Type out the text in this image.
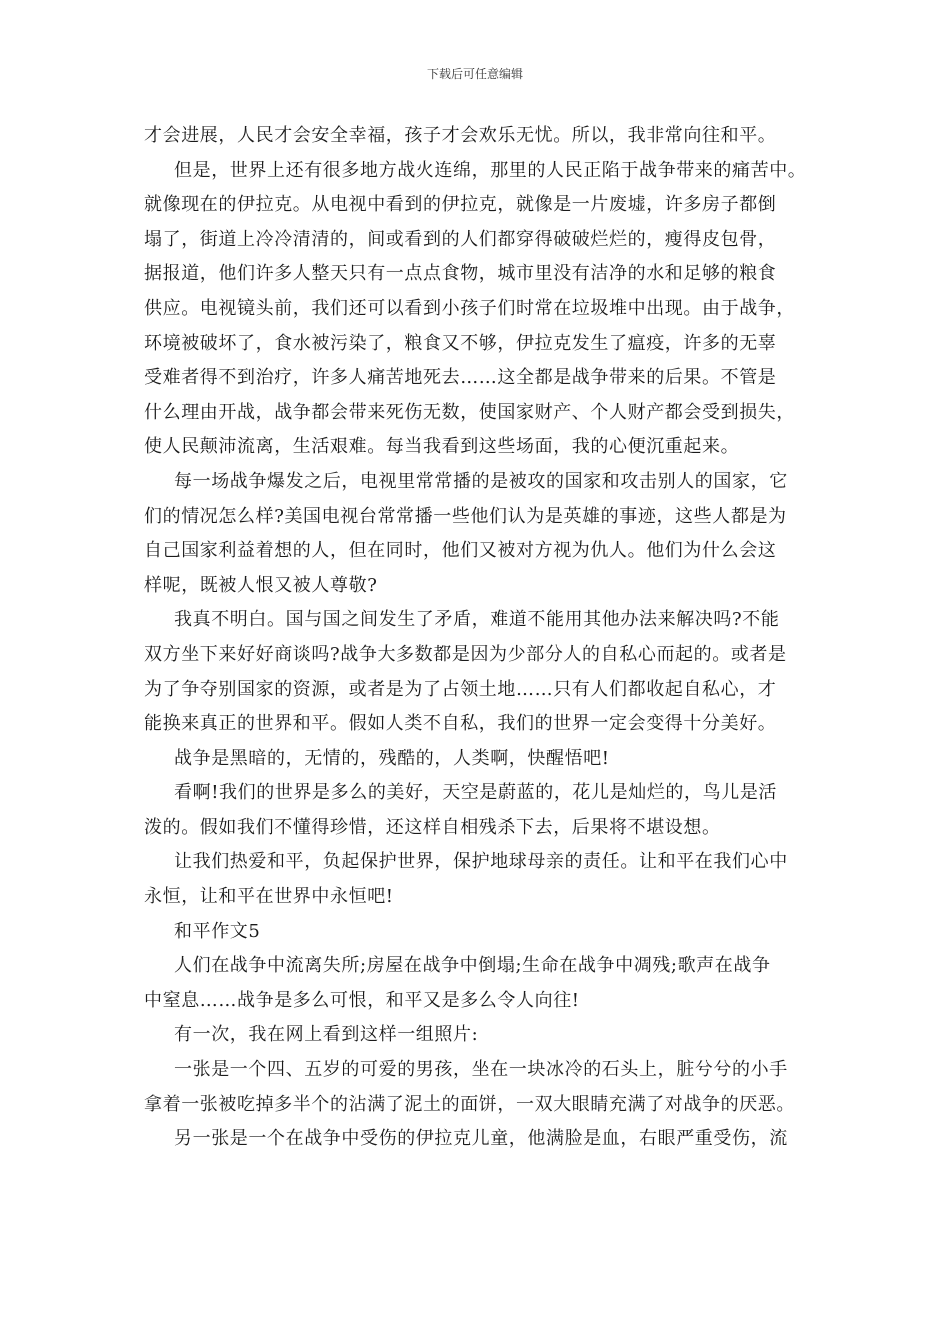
下载后可任意编辑
才会进展，人民才会安全幸福，孩子才会欢乐无忧。所以，我非常向往和平。
但是，世界上还有很多地方战火连绵，那里的人民正陷于战争带来的痛苦中。
就像现在的伊拉克。从电视中看到的伊拉克，就像是一片废墟，许多房子都倒
塌了，街道上冷冷清清的，间或看到的人们都穿得破破烂烂的，瘦得皮包骨，
据报道，他们许多人整天只有一点点食物，城市里没有洁净的水和足够的粮食
供应。电视镜头前，我们还可以看到小孩子们时常在垃圾堆中出现。由于战争，
环境被破坏了，食水被污染了，粮食又不够，伊拉克发生了瘟疫，许多的无辜
受难者得不到治疗，许多人痛苦地死去……这全都是战争带来的后果。不管是
什么理由开战，战争都会带来死伤无数，使国家财产、个人财产都会受到损失，
使人民颠沛流离，生活艰难。每当我看到这些场面，我的心便沉重起来。
每一场战争爆发之后，电视里常常播的是被攻的国家和攻击别人的国家，它
们的情况怎么样?美国电视台常常播一些他们认为是英雄的事迹，这些人都是为
自己国家利益着想的人，但在同时，他们又被对方视为仇人。他们为什么会这
样呢，既被人恨又被人尊敬?
我真不明白。国与国之间发生了矛盾，难道不能用其他办法来解决吗?不能
双方坐下来好好商谈吗?战争大多数都是因为少部分人的自私心而起的。或者是
为了争夺别国家的资源，或者是为了占领土地……只有人们都收起自私心，才
能换来真正的世界和平。假如人类不自私，我们的世界一定会变得十分美好。
战争是黑暗的，无情的，残酷的，人类啊，快醒悟吧!
看啊!我们的世界是多么的美好，天空是蔚蓝的，花儿是灿烂的，鸟儿是活
泼的。假如我们不懂得珍惜，还这样自相残杀下去，后果将不堪设想。
让我们热爱和平，负起保护世界，保护地球母亲的责任。让和平在我们心中
永恒，让和平在世界中永恒吧!
和平作文5
人们在战争中流离失所;房屋在战争中倒塌;生命在战争中凋残;歌声在战争
中窒息……战争是多么可恨，和平又是多么令人向往!
有一次，我在网上看到这样一组照片:
一张是一个四、五岁的可爱的男孩，坐在一块冰冷的石头上，脏兮兮的小手
拿着一张被吃掉多半个的沾满了泥土的面饼，一双大眼睛充满了对战争的厌恶。
另一张是一个在战争中受伤的伊拉克儿童，他满脸是血，右眼严重受伤，流
